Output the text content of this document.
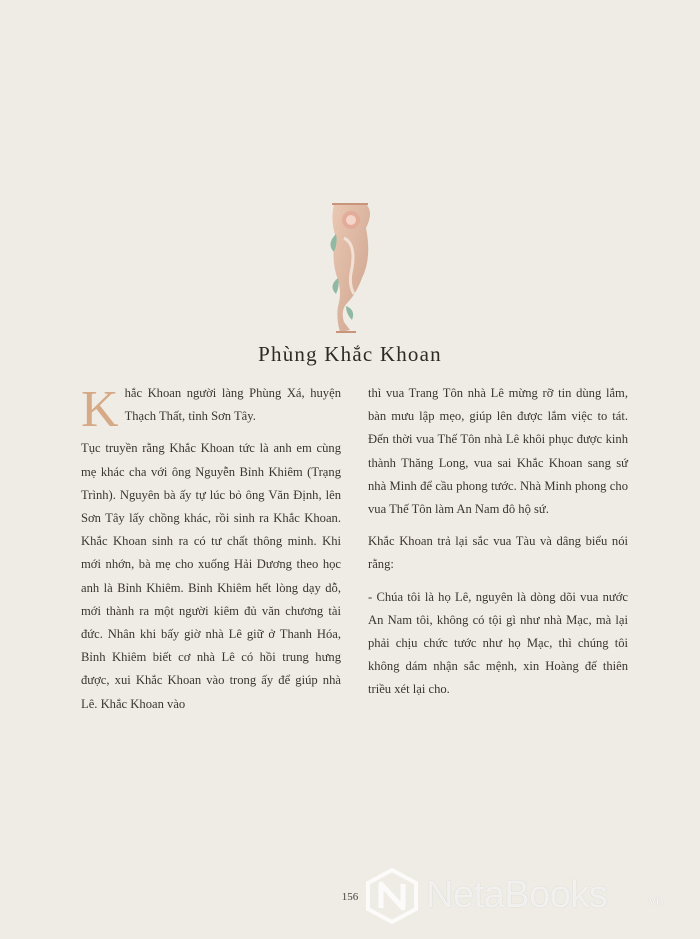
Phùng Khắc Khoan

K hắc Khoan người làng Phùng Xá, huyện Thạch Thất, tỉnh Sơn Tây.

Tục truyền rằng Khắc Khoan tức là anh em cùng mẹ khác cha với ông Nguyễn Bỉnh Khiêm (Trạng Trình). Nguyên bà ấy tự lúc bỏ ông Văn Định, lên Sơn Tây lấy chồng khác, rồi sinh ra Khắc Khoan. Khắc Khoan sinh ra có tư chất thông minh. Khi mới nhớn, bà mẹ cho xuống Hải Dương theo học anh là Bỉnh Khiêm. Bỉnh Khiêm hết lòng dạy dỗ, mới thành ra một người kiêm đủ văn chương tài đức. Nhân khi bấy giờ nhà Lê giữ ở Thanh Hóa, Bỉnh Khiêm biết cơ nhà Lê có hồi trung hưng được, xui Khắc Khoan vào trong ấy để giúp nhà Lê. Khắc Khoan vào

thì vua Trang Tôn nhà Lê mừng rỡ tin dùng lắm, bàn mưu lập mẹo, giúp lên được lắm việc to tát. Đến thời vua Thế Tôn nhà Lê khôi phục được kinh thành Thăng Long, vua sai Khắc Khoan sang sứ nhà Minh để cầu phong tước. Nhà Minh phong cho vua Thế Tôn làm An Nam đô hộ sứ.

Khắc Khoan trả lại sắc vua Tàu và dâng biểu nói rằng:

- Chúa tôi là họ Lê, nguyên là dòng dõi vua nước An Nam tôi, không có tội gì như nhà Mạc, mà lại phải chịu chức tước như họ Mạc, thì chúng tôi không dám nhận sắc mệnh, xin Hoàng đế thiên triều xét lại cho.

156	NetaBooks	.vn
